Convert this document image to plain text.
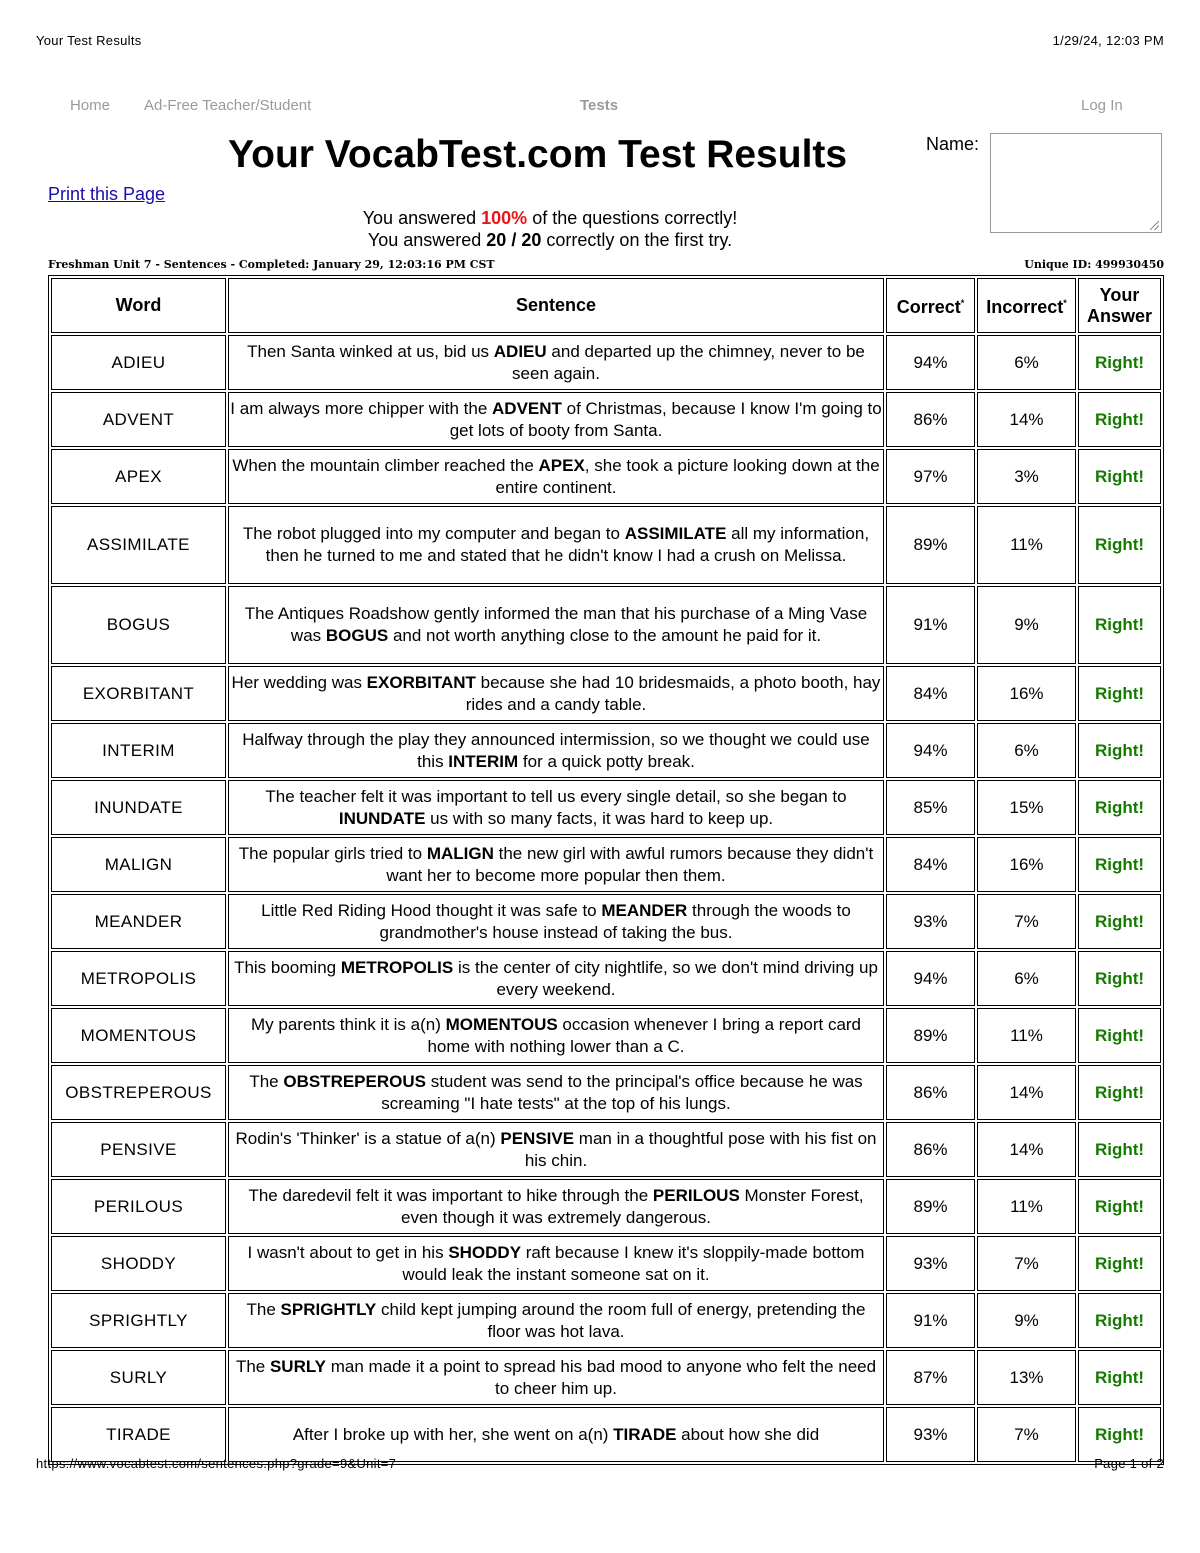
Your Test Results	1/29/24, 12:03 PM
Home Ad-Free Teacher/Student	Tests	Log In
Your VocabTest.com Test Results	Name:
Print this Page
You answered 100% of the questions correctly!
You answered 20 / 20 correctly on the first try.
Freshman Unit 7 - Sentences - Completed: January 29, 12:03:16 PM CST	Unique ID: 499930450
Word	Sentence	Correct*	Incorrect*	Your
Answer
ADIEU	Then Santa winked at us, bid us ADIEU and departed up the chimney, never to be seen again.	94%	6%	Right!
ADVENT	I am always more chipper with the ADVENT of Christmas, because I know I'm going to get lots of booty from Santa.	86%	14%	Right!
APEX	When the mountain climber reached the APEX, she took a picture looking down at the entire continent.	97%	3%	Right!
ASSIMILATE	The robot plugged into my computer and began to ASSIMILATE all my information, then he turned to me and stated that he didn't know I had a crush on Melissa.	89%	11%	Right!
BOGUS	The Antiques Roadshow gently informed the man that his purchase of a Ming Vase was BOGUS and not worth anything close to the amount he paid for it.	91%	9%	Right!
EXORBITANT	Her wedding was EXORBITANT because she had 10 bridesmaids, a photo booth, hay rides and a candy table.	84%	16%	Right!
INTERIM	Halfway through the play they announced intermission, so we thought we could use this INTERIM for a quick potty break.	94%	6%	Right!
INUNDATE	The teacher felt it was important to tell us every single detail, so she began to INUNDATE us with so many facts, it was hard to keep up.	85%	15%	Right!
MALIGN	The popular girls tried to MALIGN the new girl with awful rumors because they didn't want her to become more popular then them.	84%	16%	Right!
MEANDER	Little Red Riding Hood thought it was safe to MEANDER through the woods to grandmother's house instead of taking the bus.	93%	7%	Right!
METROPOLIS	This booming METROPOLIS is the center of city nightlife, so we don't mind driving up every weekend.	94%	6%	Right!
MOMENTOUS	My parents think it is a(n) MOMENTOUS occasion whenever I bring a report card home with nothing lower than a C.	89%	11%	Right!
OBSTREPEROUS	The OBSTREPEROUS student was send to the principal's office because he was screaming "I hate tests" at the top of his lungs.	86%	14%	Right!
PENSIVE	Rodin's 'Thinker' is a statue of a(n) PENSIVE man in a thoughtful pose with his fist on his chin.	86%	14%	Right!
PERILOUS	The daredevil felt it was important to hike through the PERILOUS Monster Forest, even though it was extremely dangerous.	89%	11%	Right!
SHODDY	I wasn't about to get in his SHODDY raft because I knew it's sloppily-made bottom would leak the instant someone sat on it.	93%	7%	Right!
SPRIGHTLY	The SPRIGHTLY child kept jumping around the room full of energy, pretending the floor was hot lava.	91%	9%	Right!
SURLY	The SURLY man made it a point to spread his bad mood to anyone who felt the need to cheer him up.	87%	13%	Right!
TIRADE	After I broke up with her, she went on a(n) TIRADE about how she did	93%	7%	Right!
https://www.vocabtest.com/sentences.php?grade=9&Unit=7	Page 1 of 2
